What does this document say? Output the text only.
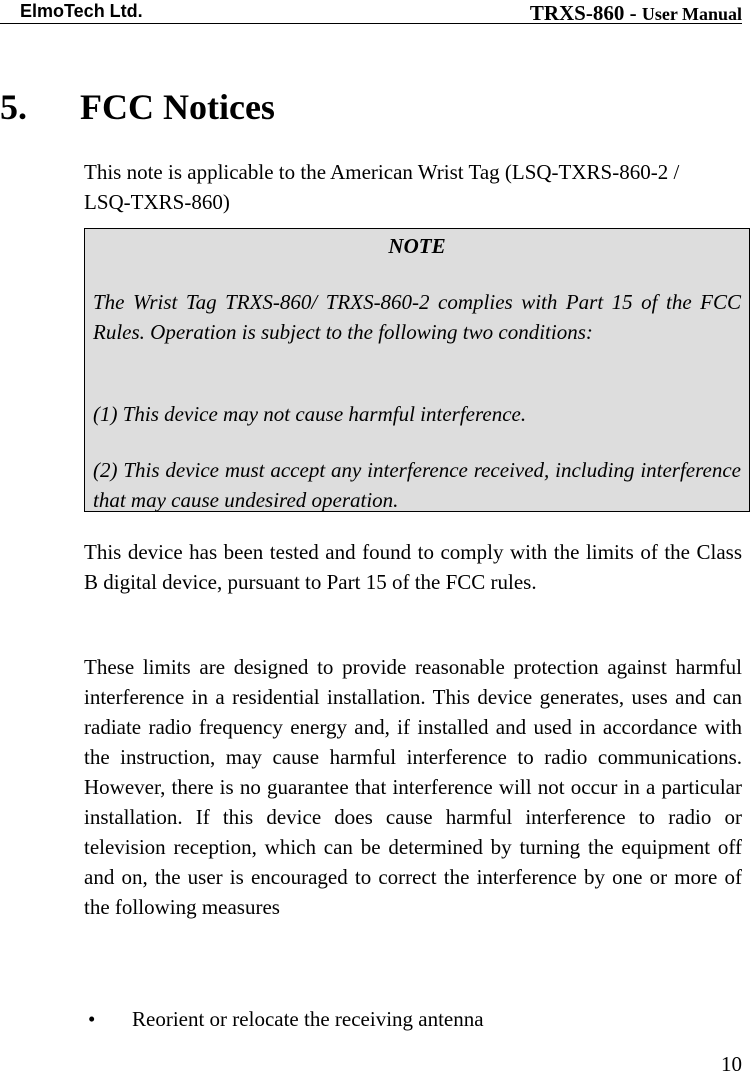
ElmoTech Ltd.	TRXS-860 - User Manual
5. FCC Notices
This note is applicable to the American Wrist Tag (LSQ-TXRS-860-2 / LSQ-TXRS-860)
NOTE
The Wrist Tag TRXS-860/ TRXS-860-2 complies with Part 15 of the FCC Rules. Operation is subject to the following two conditions:
(1) This device may not cause harmful interference.
(2) This device must accept any interference received, including interference that may cause undesired operation.
This device has been tested and found to comply with the limits of the Class B digital device, pursuant to Part 15 of the FCC rules.
These limits are designed to provide reasonable protection against harmful interference in a residential installation. This device generates, uses and can radiate radio frequency energy and, if installed and used in accordance with the instruction, may cause harmful interference to radio communications. However, there is no guarantee that interference will not occur in a particular installation. If this device does cause harmful interference to radio or television reception, which can be determined by turning the equipment off and on, the user is encouraged to correct the interference by one or more of the following measures
• Reorient or relocate the receiving antenna
10
